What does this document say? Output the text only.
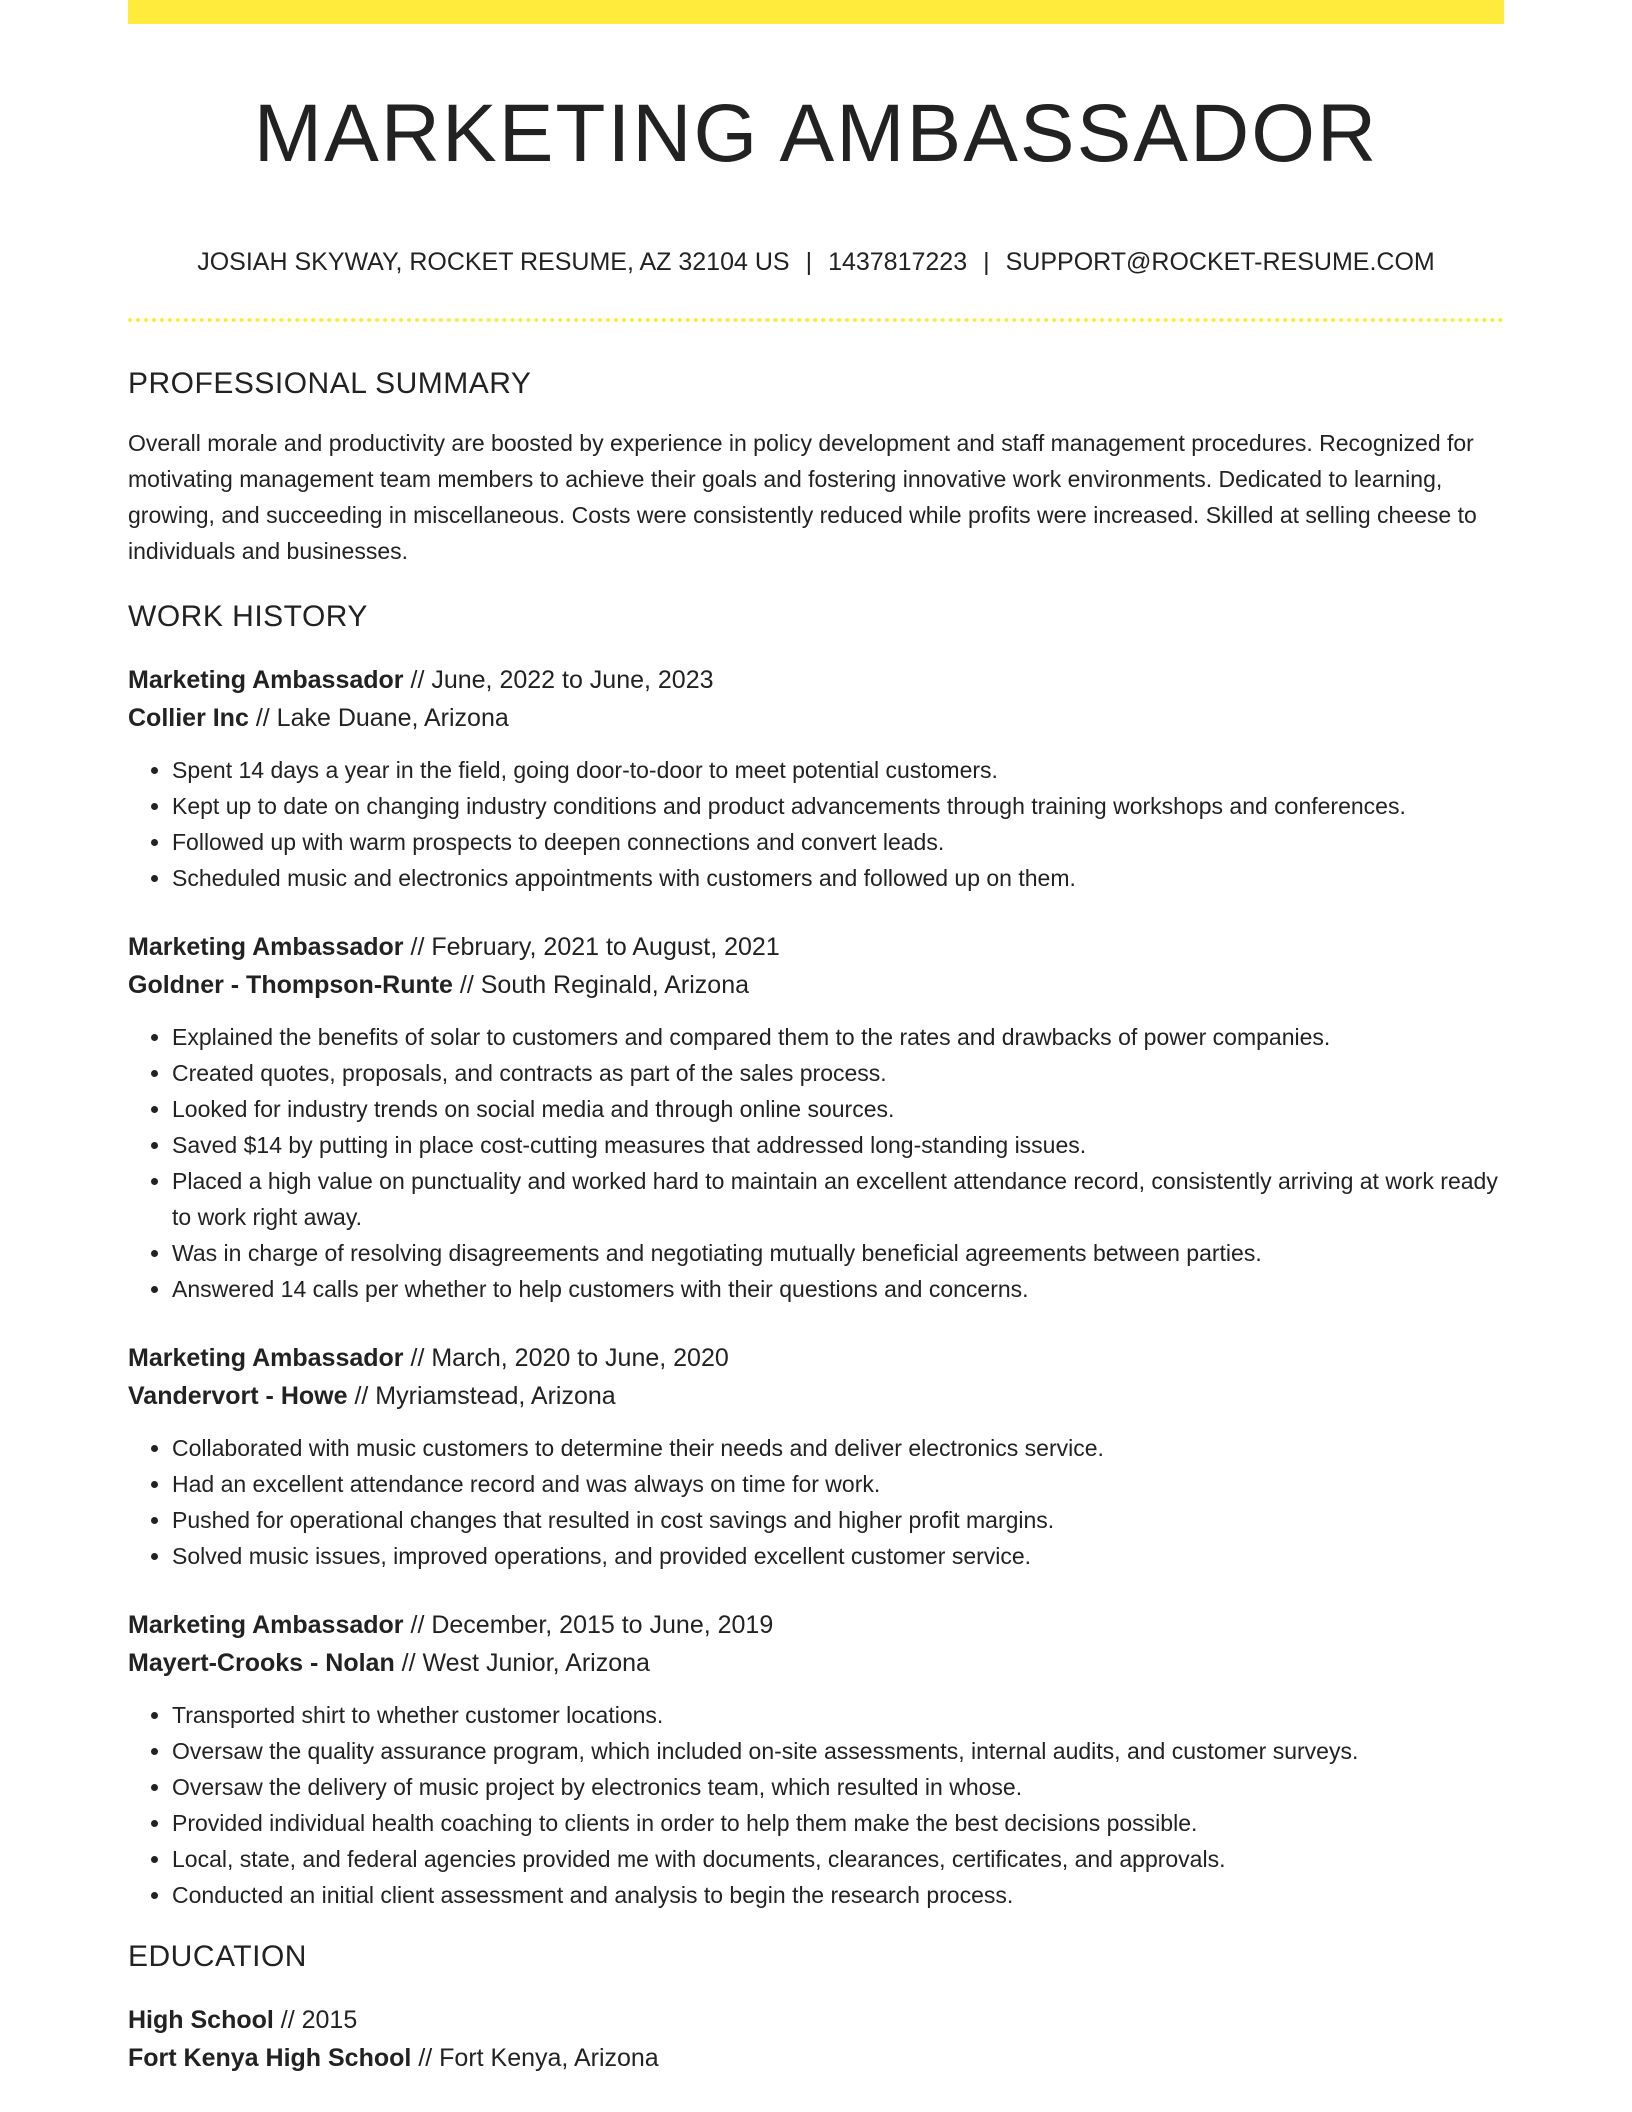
MARKETING AMBASSADOR
JOSIAH SKYWAY, ROCKET RESUME, AZ 32104 US | 1437817223 | SUPPORT@ROCKET-RESUME.COM
PROFESSIONAL SUMMARY
Overall morale and productivity are boosted by experience in policy development and staff management procedures. Recognized for motivating management team members to achieve their goals and fostering innovative work environments. Dedicated to learning, growing, and succeeding in miscellaneous. Costs were consistently reduced while profits were increased. Skilled at selling cheese to individuals and businesses.
WORK HISTORY
Marketing Ambassador // June, 2022 to June, 2023
Collier Inc // Lake Duane, Arizona
• Spent 14 days a year in the field, going door-to-door to meet potential customers.
• Kept up to date on changing industry conditions and product advancements through training workshops and conferences.
• Followed up with warm prospects to deepen connections and convert leads.
• Scheduled music and electronics appointments with customers and followed up on them.
Marketing Ambassador // February, 2021 to August, 2021
Goldner - Thompson-Runte // South Reginald, Arizona
• Explained the benefits of solar to customers and compared them to the rates and drawbacks of power companies.
• Created quotes, proposals, and contracts as part of the sales process.
• Looked for industry trends on social media and through online sources.
• Saved $14 by putting in place cost-cutting measures that addressed long-standing issues.
• Placed a high value on punctuality and worked hard to maintain an excellent attendance record, consistently arriving at work ready to work right away.
• Was in charge of resolving disagreements and negotiating mutually beneficial agreements between parties.
• Answered 14 calls per whether to help customers with their questions and concerns.
Marketing Ambassador // March, 2020 to June, 2020
Vandervort - Howe // Myriamstead, Arizona
• Collaborated with music customers to determine their needs and deliver electronics service.
• Had an excellent attendance record and was always on time for work.
• Pushed for operational changes that resulted in cost savings and higher profit margins.
• Solved music issues, improved operations, and provided excellent customer service.
Marketing Ambassador // December, 2015 to June, 2019
Mayert-Crooks - Nolan // West Junior, Arizona
• Transported shirt to whether customer locations.
• Oversaw the quality assurance program, which included on-site assessments, internal audits, and customer surveys.
• Oversaw the delivery of music project by electronics team, which resulted in whose.
• Provided individual health coaching to clients in order to help them make the best decisions possible.
• Local, state, and federal agencies provided me with documents, clearances, certificates, and approvals.
• Conducted an initial client assessment and analysis to begin the research process.
EDUCATION
High School // 2015
Fort Kenya High School // Fort Kenya, Arizona
